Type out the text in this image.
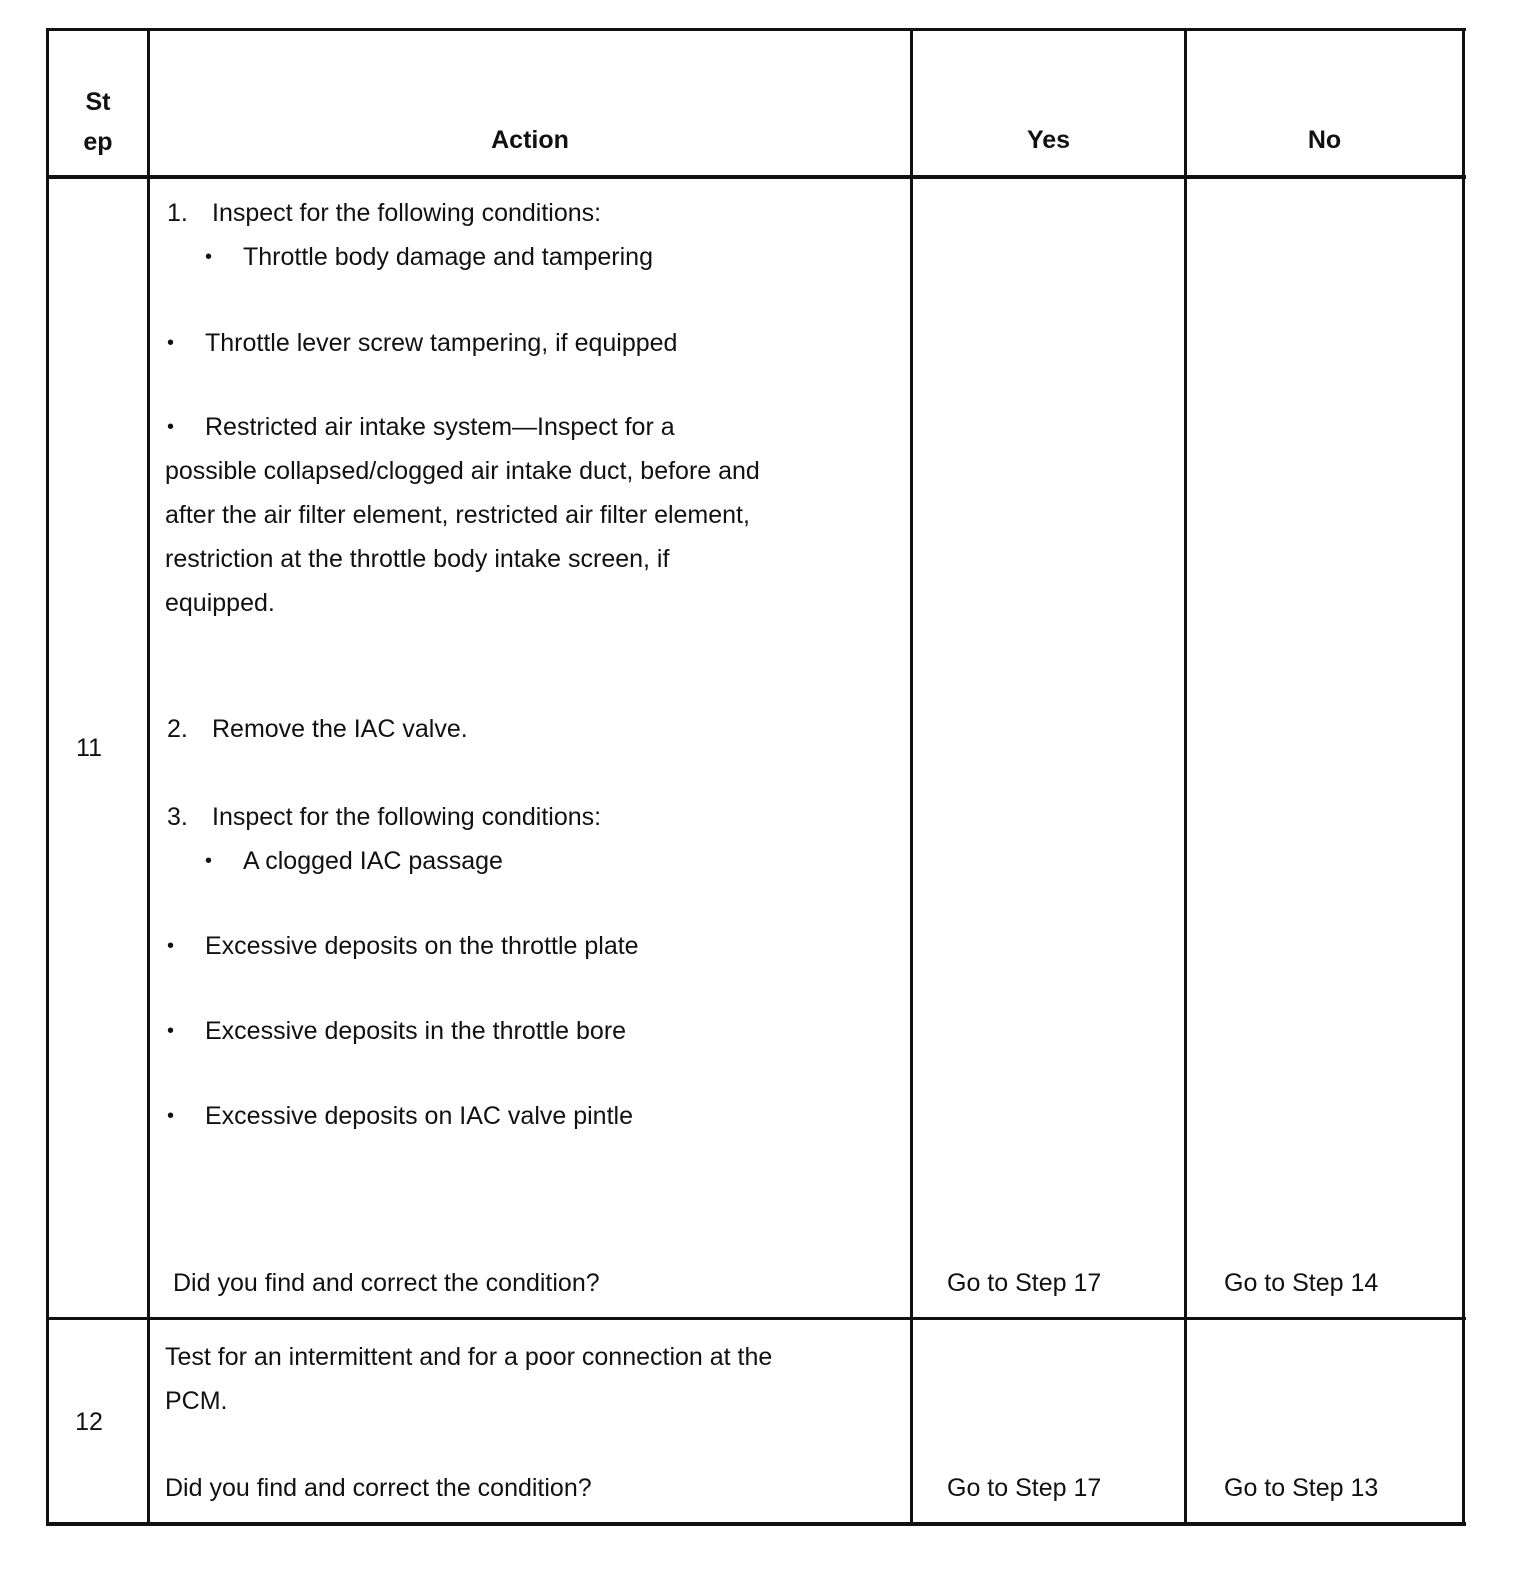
St
ep	Action	Yes	No
11
1. Inspect for the following conditions:
• Throttle body damage and tampering
• Throttle lever screw tampering, if equipped
• Restricted air intake system—Inspect for a
possible collapsed/clogged air intake duct, before and
after the air filter element, restricted air filter element,
restriction at the throttle body intake screen, if
equipped.
2. Remove the IAC valve.
3. Inspect for the following conditions:
• A clogged IAC passage
• Excessive deposits on the throttle plate
• Excessive deposits in the throttle bore
• Excessive deposits on IAC valve pintle
Did you find and correct the condition?	Go to Step 17	Go to Step 14
12
Test for an intermittent and for a poor connection at the
PCM.
Did you find and correct the condition?	Go to Step 17	Go to Step 13
